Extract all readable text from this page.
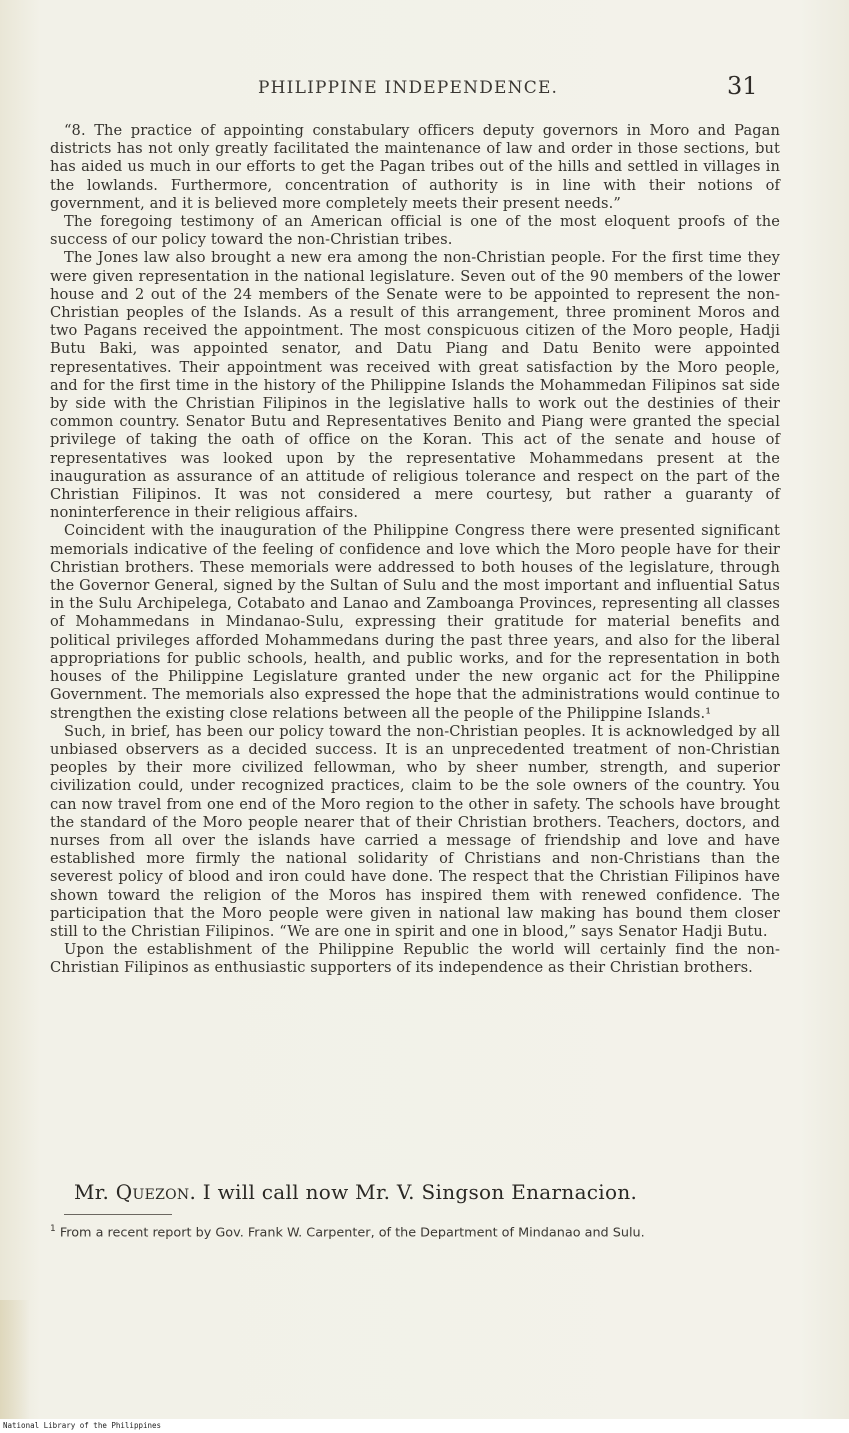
PHILIPPINE INDEPENDENCE.	31

“8. The practice of appointing constabulary officers deputy governors in Moro and Pagan districts has not only greatly facilitated the maintenance of law and order in those sections, but has aided us much in our efforts to get the Pagan tribes out of the hills and settled in villages in the lowlands. Furthermore, concentration of authority is in line with their notions of government, and it is believed more completely meets their present needs.”

The foregoing testimony of an American official is one of the most eloquent proofs of the success of our policy toward the non-Christian tribes.

The Jones law also brought a new era among the non-Christian people. For the first time they were given representation in the national legislature. Seven out of the 90 members of the lower house and 2 out of the 24 members of the Senate were to be appointed to represent the non-Christian peoples of the Islands. As a result of this arrangement, three prominent Moros and two Pagans received the appointment. The most conspicuous citizen of the Moro people, Hadji Butu Baki, was appointed senator, and Datu Piang and Datu Benito were appointed representatives. Their appointment was received with great satisfaction by the Moro people, and for the first time in the history of the Philippine Islands the Mohammedan Filipinos sat side by side with the Christian Filipinos in the legislative halls to work out the destinies of their common country. Senator Butu and Representatives Benito and Piang were granted the special privilege of taking the oath of office on the Koran. This act of the senate and house of representatives was looked upon by the representative Mohammedans present at the inauguration as assurance of an attitude of religious tolerance and respect on the part of the Christian Filipinos. It was not considered a mere courtesy, but rather a guaranty of noninterference in their religious affairs.

Coincident with the inauguration of the Philippine Congress there were presented significant memorials indicative of the feeling of confidence and love which the Moro people have for their Christian brothers. These memorials were addressed to both houses of the legislature, through the Governor General, signed by the Sultan of Sulu and the most important and influential Satus in the Sulu Archipelega, Cotabato and Lanao and Zamboanga Provinces, representing all classes of Mohammedans in Mindanao-Sulu, expressing their gratitude for material benefits and political privileges afforded Mohammedans during the past three years, and also for the liberal appropriations for public schools, health, and public works, and for the representation in both houses of the Philippine Legislature granted under the new organic act for the Philippine Government. The memorials also expressed the hope that the administrations would continue to strengthen the existing close relations between all the people of the Philippine Islands.¹

Such, in brief, has been our policy toward the non-Christian peoples. It is acknowledged by all unbiased observers as a decided success. It is an unprecedented treatment of non-Christian peoples by their more civilized fellowman, who by sheer number, strength, and superior civilization could, under recognized practices, claim to be the sole owners of the country. You can now travel from one end of the Moro region to the other in safety. The schools have brought the standard of the Moro people nearer that of their Christian brothers. Teachers, doctors, and nurses from all over the islands have carried a message of friendship and love and have established more firmly the national solidarity of Christians and non-Christians than the severest policy of blood and iron could have done. The respect that the Christian Filipinos have shown toward the religion of the Moros has inspired them with renewed confidence. The participation that the Moro people were given in national law making has bound them closer still to the Christian Filipinos. “We are one in spirit and one in blood,” says Senator Hadji Butu.

Upon the establishment of the Philippine Republic the world will certainly find the non-Christian Filipinos as enthusiastic supporters of its independence as their Christian brothers.

Mr. Quezon. I will call now Mr. V. Singson Enarnacion.
$^1$ From a recent report by Gov. Frank W. Carpenter, of the Department of Mindanao and Sulu.
National Library of the Philippines
